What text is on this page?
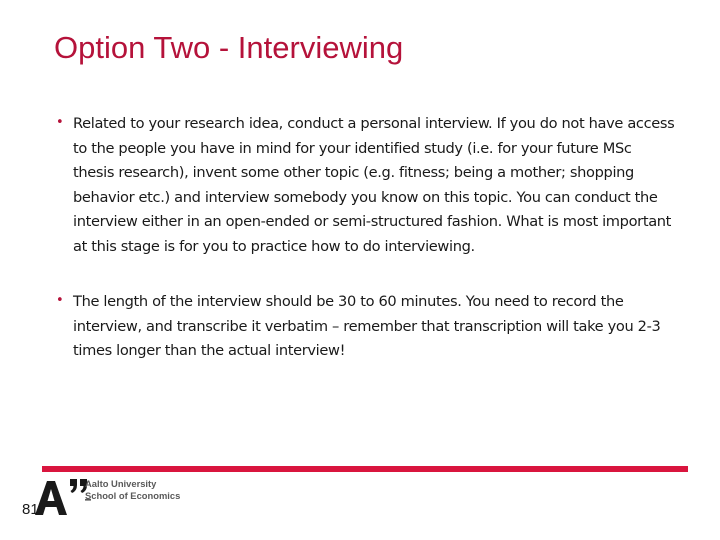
Option Two - Interviewing
• Related to your research idea, conduct a personal interview. If you do not have access to the people you have in mind for your identified study (i.e. for your future MSc thesis research), invent some other topic (e.g. fitness; being a mother; shopping behavior etc.) and interview somebody you know on this topic. You can conduct the interview either in an open-ended or semi-structured fashion. What is most important at this stage is for you to practice how to do interviewing.
• The length of the interview should be 30 to 60 minutes. You need to record the interview, and transcribe it verbatim – remember that transcription will take you 2-3 times longer than the actual interview!
Aalto University
School of Economics
81
